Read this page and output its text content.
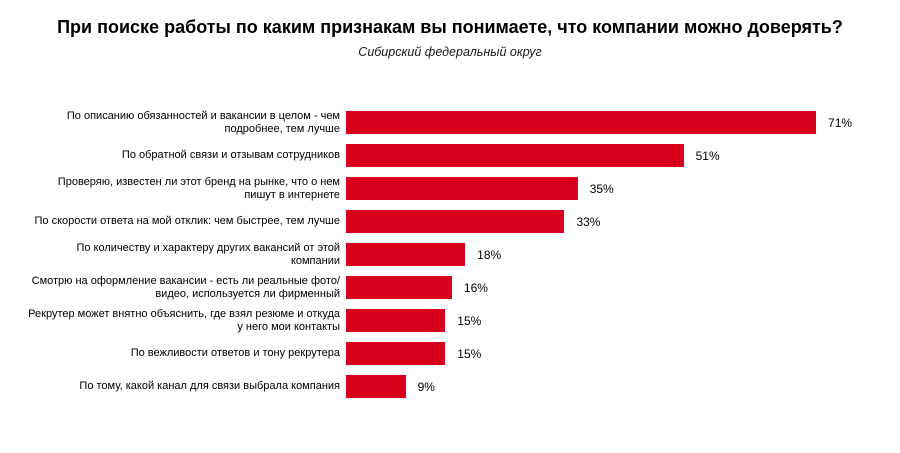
При поиске работы по каким признакам вы понимаете, что компании можно доверять?
Сибирский федеральный округ
По описанию обязанностей и вакансии в целом - чем подробнее, тем лучше	71%
По обратной связи и отзывам сотрудников	51%
Проверяю, известен ли этот бренд на рынке, что о нем пишут в интернете	35%
По скорости ответа на мой отклик: чем быстрее, тем лучше	33%
По количеству и характеру других вакансий от этой компании	18%
Смотрю на оформление вакансии - есть ли реальные фото/видео, используется ли фирменный	16%
Рекрутер может внятно объяснить, где взял резюме и откуда у него мои контакты	15%
По вежливости ответов и тону рекрутера	15%
По тому, какой канал для связи выбрала компания	9%
